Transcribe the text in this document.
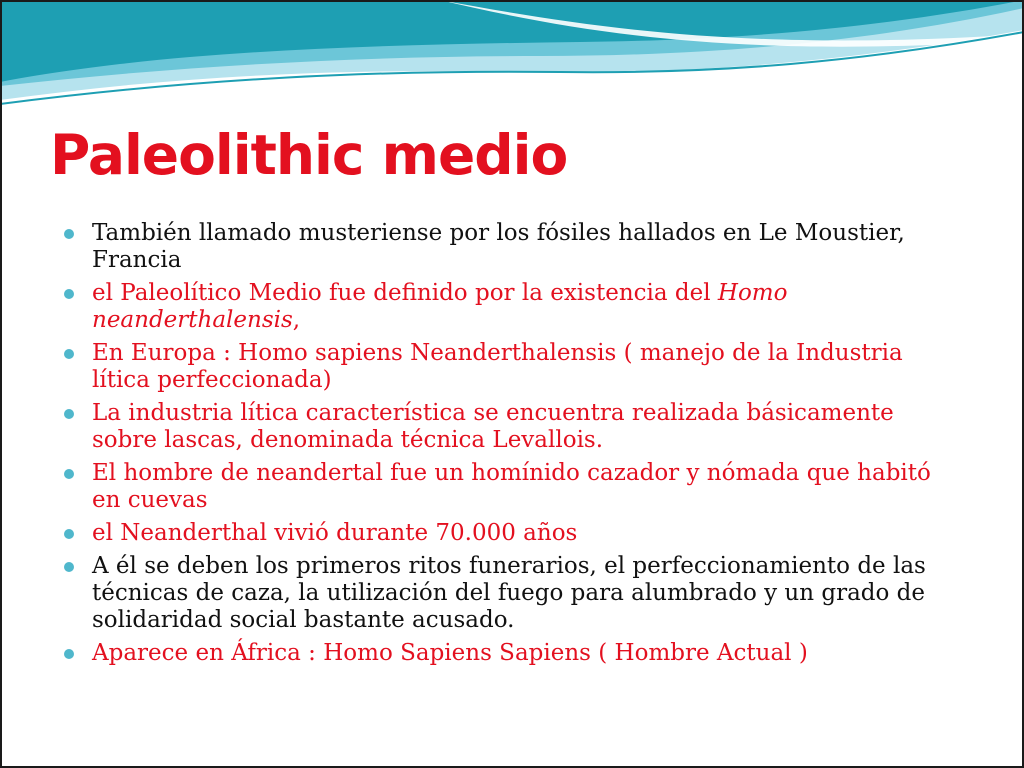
Paleolithic medio
También llamado musteriense por los fósiles hallados en Le Moustier, Francia
el Paleolítico Medio fue definido por la existencia del Homo neanderthalensis,
En Europa : Homo sapiens Neanderthalensis ( manejo de la Industria lítica perfeccionada)
La industria lítica característica se encuentra realizada básicamente sobre lascas, denominada técnica Levallois.
El hombre de neandertal fue un homínido cazador y nómada que habitó en cuevas
el Neanderthal vivió durante 70.000 años
A él se deben los primeros ritos funerarios, el perfeccionamiento de las técnicas de caza, la utilización del fuego para alumbrado y un grado de solidaridad social bastante acusado.
Aparece en África : Homo Sapiens Sapiens ( Hombre Actual )
